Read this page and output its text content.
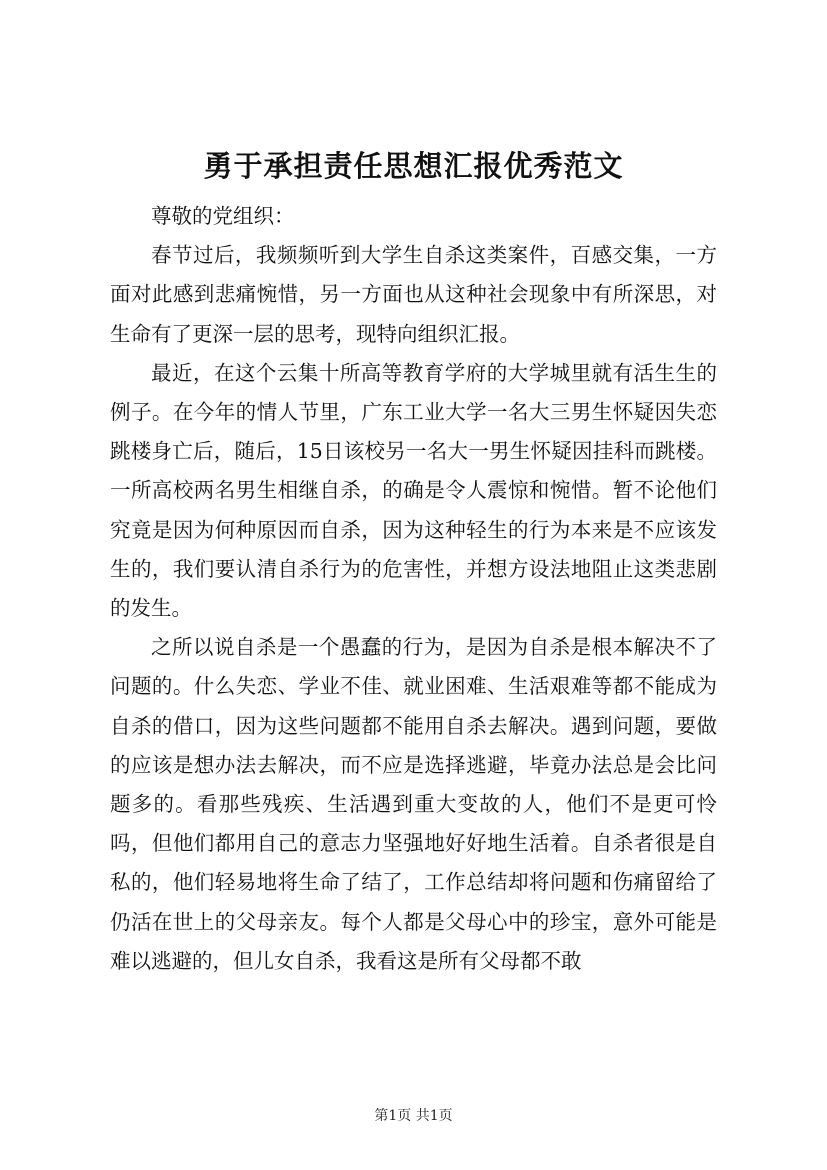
勇于承担责任思想汇报优秀范文

尊敬的党组织：

春节过后，我频频听到大学生自杀这类案件，百感交集，一方面对此感到悲痛惋惜，另一方面也从这种社会现象中有所深思，对生命有了更深一层的思考，现特向组织汇报。

最近，在这个云集十所高等教育学府的大学城里就有活生生的例子。在今年的情人节里，广东工业大学一名大三男生怀疑因失恋跳楼身亡后，随后，15日该校另一名大一男生怀疑因挂科而跳楼。一所高校两名男生相继自杀，的确是令人震惊和惋惜。暂不论他们究竟是因为何种原因而自杀，因为这种轻生的行为本来是不应该发生的，我们要认清自杀行为的危害性，并想方设法地阻止这类悲剧的发生。

之所以说自杀是一个愚蠢的行为，是因为自杀是根本解决不了问题的。什么失恋、学业不佳、就业困难、生活艰难等都不能成为自杀的借口，因为这些问题都不能用自杀去解决。遇到问题，要做的应该是想办法去解决，而不应是选择逃避，毕竟办法总是会比问题多的。看那些残疾、生活遇到重大变故的人，他们不是更可怜吗，但他们都用自己的意志力坚强地好好地生活着。自杀者很是自私的，他们轻易地将生命了结了，工作总结却将问题和伤痛留给了仍活在世上的父母亲友。每个人都是父母心中的珍宝，意外可能是难以逃避的，但儿女自杀，我看这是所有父母都不敢

第1页 共1页
